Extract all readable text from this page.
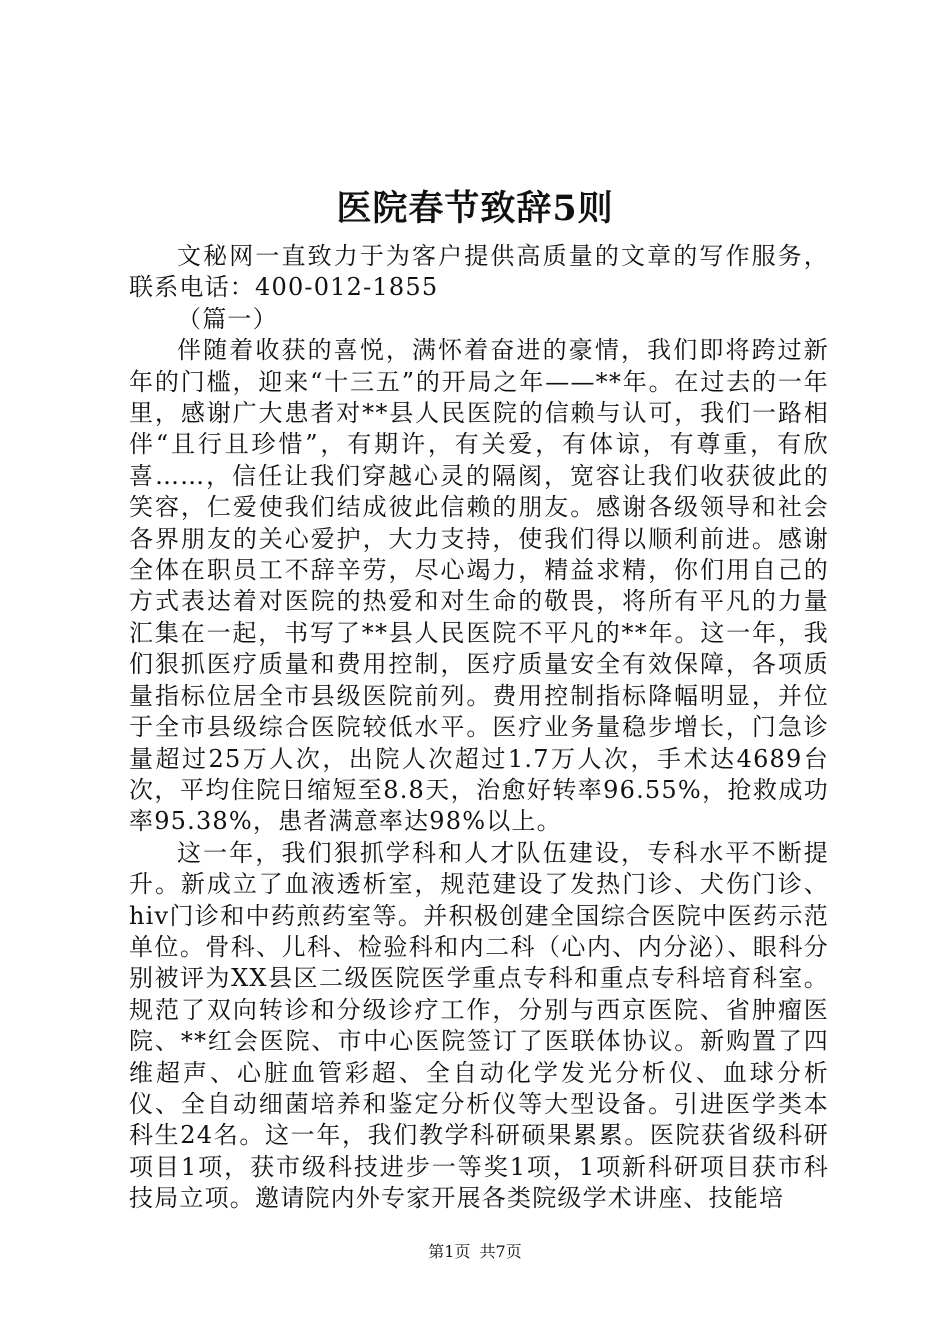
医院春节致辞5则

文秘网一直致力于为客户提供高质量的文章的写作服务，联系电话：400-012-1855

（篇一）

伴随着收获的喜悦，满怀着奋进的豪情，我们即将跨过新年的门槛，迎来“十三五”的开局之年——**年。在过去的一年里，感谢广大患者对**县人民医院的信赖与认可，我们一路相伴“且行且珍惜”，有期许，有关爱，有体谅，有尊重，有欣喜……，信任让我们穿越心灵的隔阂，宽容让我们收获彼此的笑容，仁爱使我们结成彼此信赖的朋友。感谢各级领导和社会各界朋友的关心爱护，大力支持，使我们得以顺利前进。感谢全体在职员工不辞辛劳，尽心竭力，精益求精，你们用自己的方式表达着对医院的热爱和对生命的敬畏，将所有平凡的力量汇集在一起，书写了**县人民医院不平凡的**年。这一年，我们狠抓医疗质量和费用控制，医疗质量安全有效保障，各项质量指标位居全市县级医院前列。费用控制指标降幅明显，并位于全市县级综合医院较低水平。医疗业务量稳步增长，门急诊量超过25万人次，出院人次超过1.7万人次，手术达4689台次，平均住院日缩短至8.8天，治愈好转率96.55%，抢救成功率95.38%，患者满意率达98%以上。

这一年，我们狠抓学科和人才队伍建设，专科水平不断提升。新成立了血液透析室，规范建设了发热门诊、犬伤门诊、hiv门诊和中药煎药室等。并积极创建全国综合医院中医药示范单位。骨科、儿科、检验科和内二科（心内、内分泌）、眼科分别被评为XX县区二级医院医学重点专科和重点专科培育科室。规范了双向转诊和分级诊疗工作，分别与西京医院、省肿瘤医院、**红会医院、市中心医院签订了医联体协议。新购置了四维超声、心脏血管彩超、全自动化学发光分析仪、血球分析仪、全自动细菌培养和鉴定分析仪等大型设备。引进医学类本科生24名。这一年，我们教学科研硕果累累。医院获省级科研项目1项，获市级科技进步一等奖1项，1项新科研项目获市科技局立项。邀请院内外专家开展各类院级学术讲座、技能培

第1页 共7页
